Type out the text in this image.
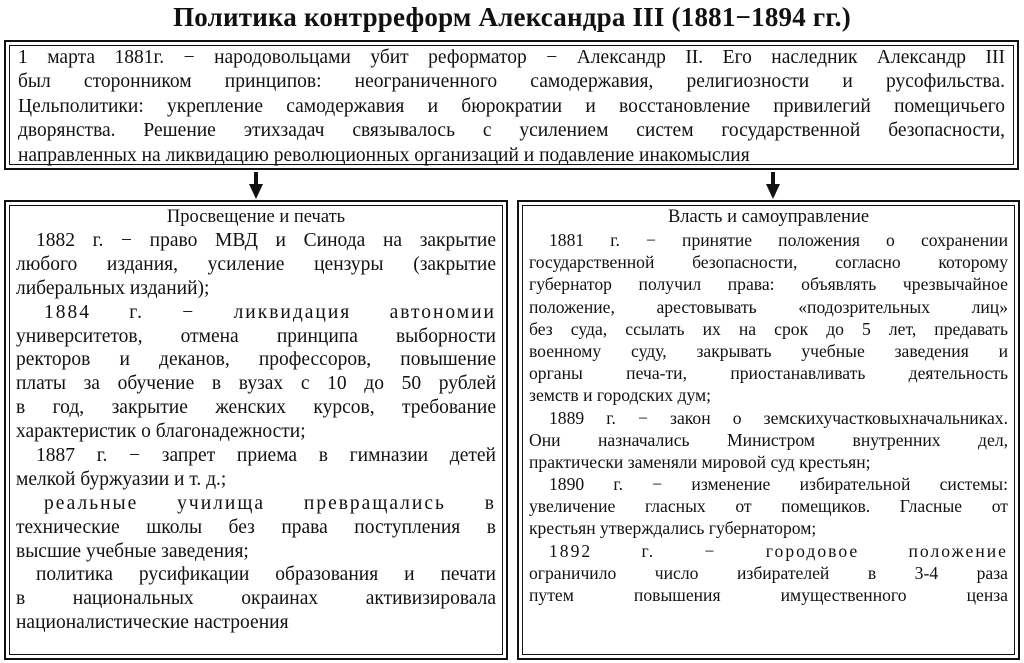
Политика контрреформ Александра III (1881−1894 гг.)
1 марта 1881г. − народовольцами убит реформатор − Александр II. Его наследник Александр III
был сторонником принципов: неограниченного самодержавия, религиозности и русофильства.
Цельполитики: укрепление самодержавия и бюрократии и восстановление привилегий помещичьего
дворянства. Решение этихзадач связывалось с усилением систем государственной безопасности,
направленных на ликвидацию революционных организаций и подавление инакомыслия
Просвещение и печать
1882 г. − право МВД и Синода на закрытие
любого издания, усиление цензуры (закрытие
либеральных изданий);
1884 г. − ликвидация автономии
университетов, отмена принципа выборности
ректоров и деканов, профессоров, повышение
платы за обучение в вузах с 10 до 50 рублей
в год, закрытие женских курсов, требование
характеристик о благонадежности;
1887 г. − запрет приема в гимназии детей
мелкой буржуазии и т. д.;
реальные училища превращались в
технические школы без права поступления в
высшие учебные заведения;
политика русификации образования и печати
в национальных окраинах активизировала
националистические настроения
Власть и самоуправление
1881 г. − принятие положения о сохранении
государственной безопасности, согласно которому
губернатор получил права: объявлять чрезвычайное
положение, арестовывать «подозрительных лиц»
без суда, ссылать их на срок до 5 лет, предавать
военному суду, закрывать учебные заведения и
органы печа-ти, приостанавливать деятельность
земств и городских дум;
1889 г. − закон о земскихучастковыхначальниках.
Они назначались Министром внутренних дел,
практически заменяли мировой суд крестьян;
1890 г. − изменение избирательной системы:
увеличение гласных от помещиков. Гласные от
крестьян утверждались губернатором;
1892 г. − городовое положение
ограничило число избирателей в 3-4 раза
путем повышения имущественного ценза
